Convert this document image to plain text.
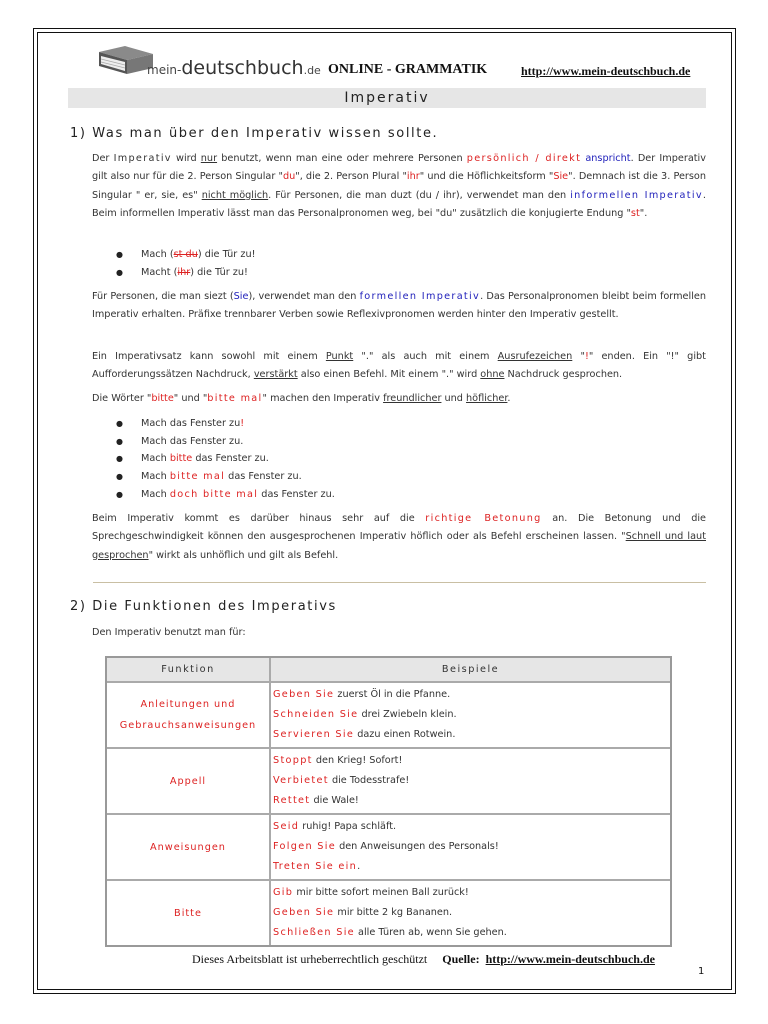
mein-deutschbuch.de ONLINE - GRAMMATIK	http://www.mein-deutschbuch.de
Imperativ
1) Was man über den Imperativ wissen sollte.
Der Imperativ wird nur benutzt, wenn man eine oder mehrere Personen persönlich / direkt anspricht. Der Imperativ gilt also nur für die 2. Person Singular "du", die 2. Person Plural "ihr" und die Höflichkeitsform "Sie". Demnach ist die 3. Person Singular " er, sie, es" nicht möglich. Für Personen, die man duzt (du / ihr), verwendet man den informellen Imperativ. Beim informellen Imperativ lässt man das Personalpronomen weg, bei "du" zusätzlich die konjugierte Endung "st".
● Mach (st du) die Tür zu!
● Macht (ihr) die Tür zu!
Für Personen, die man siezt (Sie), verwendet man den formellen Imperativ. Das Personalpronomen bleibt beim formellen Imperativ erhalten. Präfixe trennbarer Verben sowie Reflexivpronomen werden hinter den Imperativ gestellt.
Ein Imperativsatz kann sowohl mit einem Punkt "." als auch mit einem Ausrufezeichen "!" enden. Ein "!" gibt Aufforderungssätzen Nachdruck, verstärkt also einen Befehl. Mit einem "." wird ohne Nachdruck gesprochen.
Die Wörter "bitte" und "bitte mal" machen den Imperativ freundlicher und höflicher.
● Mach das Fenster zu!
● Mach das Fenster zu.
● Mach bitte das Fenster zu.
● Mach bitte mal das Fenster zu.
● Mach doch bitte mal das Fenster zu.
Beim Imperativ kommt es darüber hinaus sehr auf die richtige Betonung an. Die Betonung und die Sprechgeschwindigkeit können den ausgesprochenen Imperativ höflich oder als Befehl erscheinen lassen. "Schnell und laut gesprochen" wirkt als unhöflich und gilt als Befehl.
2) Die Funktionen des Imperativs
Den Imperativ benutzt man für:
Funktion	Beispiele
Anleitungen und Gebrauchsanweisungen	Geben Sie zuerst Öl in die Pfanne.
Schneiden Sie drei Zwiebeln klein.
Servieren Sie dazu einen Rotwein.

Appell	Stoppt den Krieg! Sofort!
Verbietet die Todesstrafe!
Rettet die Wale!

Anweisungen	Seid ruhig! Papa schläft.
Folgen Sie den Anweisungen des Personals!
Treten Sie ein.

Bitte	Gib mir bitte sofort meinen Ball zurück!
Geben Sie mir bitte 2 kg Bananen.
Schließen Sie alle Türen ab, wenn Sie gehen.
Dieses Arbeitsblatt ist urheberrechtlich geschützt Quelle: http://www.mein-deutschbuch.de
1
